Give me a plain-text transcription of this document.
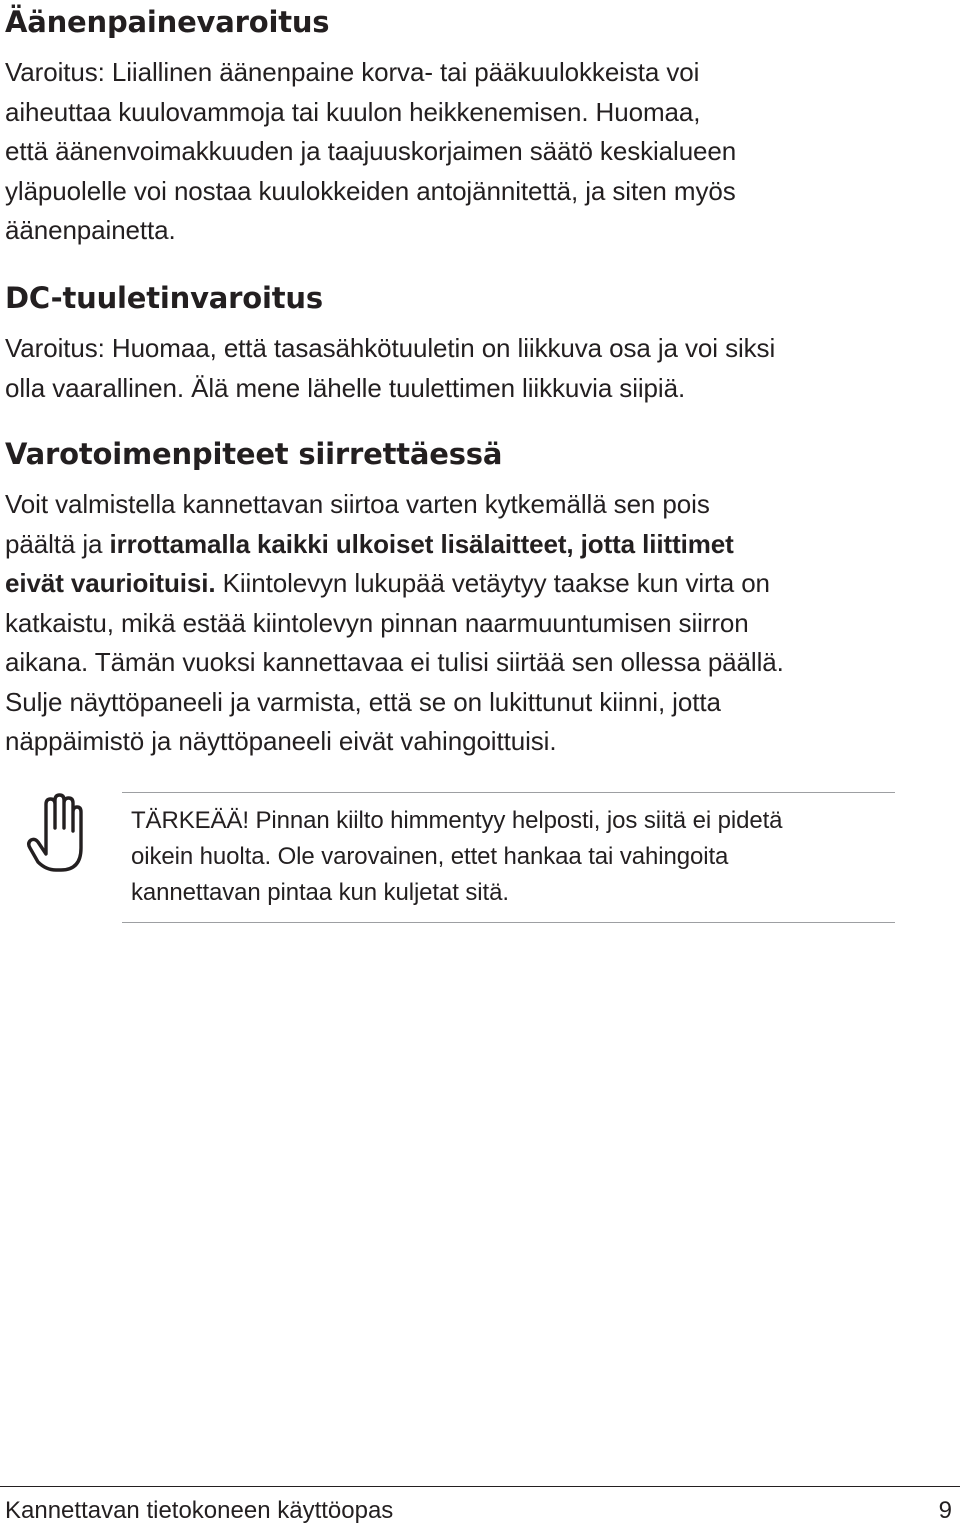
Äänenpainevaroitus

Varoitus: Liiallinen äänenpaine korva- tai pääkuulokkeista voi
aiheuttaa kuulovammoja tai kuulon heikkenemisen. Huomaa,
että äänenvoimakkuuden ja taajuuskorjaimen säätö keskialueen
yläpuolelle voi nostaa kuulokkeiden antojännitettä, ja siten myös
äänenpainetta.

DC-tuuletinvaroitus

Varoitus: Huomaa, että tasasähkötuuletin on liikkuva osa ja voi siksi
olla vaarallinen. Älä mene lähelle tuulettimen liikkuvia siipiä.

Varotoimenpiteet siirrettäessä

Voit valmistella kannettavan siirtoa varten kytkemällä sen pois
päältä ja irrottamalla kaikki ulkoiset lisälaitteet, jotta liittimet
eivät vaurioituisi. Kiintolevyn lukupää vetäytyy taakse kun virta on
katkaistu, mikä estää kiintolevyn pinnan naarmuuntumisen siirron
aikana. Tämän vuoksi kannettavaa ei tulisi siirtää sen ollessa päällä.
Sulje näyttöpaneeli ja varmista, että se on lukittunut kiinni, jotta
näppäimistö ja näyttöpaneeli eivät vahingoittuisi.

TÄRKEÄÄ! Pinnan kiilto himmentyy helposti, jos siitä ei pidetä
oikein huolta. Ole varovainen, ettet hankaa tai vahingoita
kannettavan pintaa kun kuljetat sitä.

Kannettavan tietokoneen käyttöopas	9
